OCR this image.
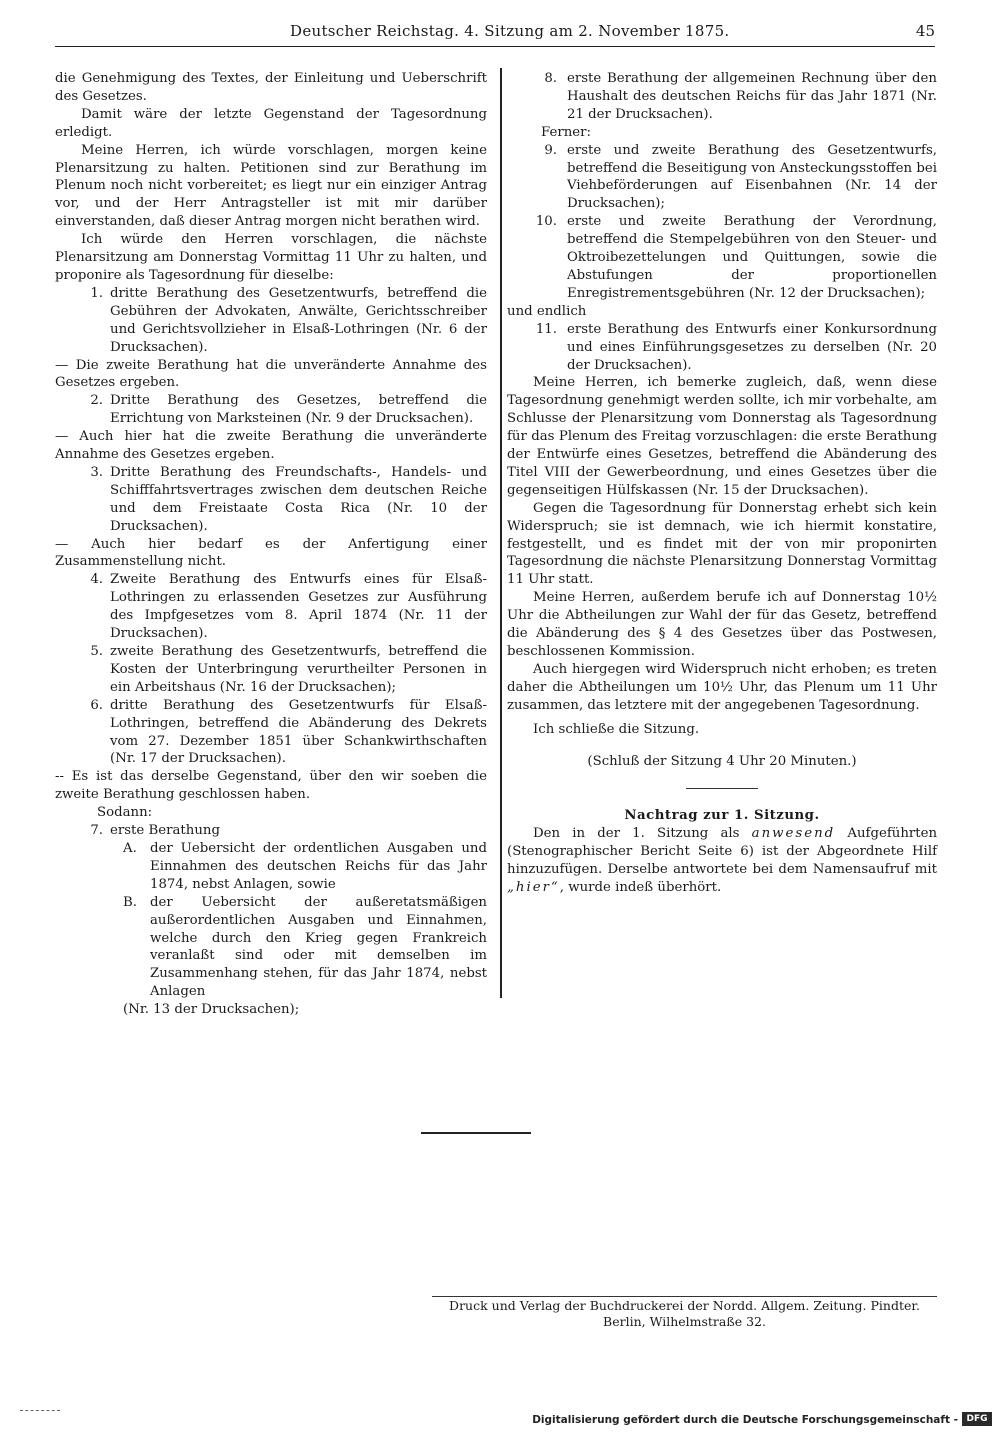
Deutscher Reichstag. 4. Sitzung am 2. November 1875.	45

die Genehmigung des Textes, der Einleitung und Ueberschrift des Gesetzes.

Damit wäre der letzte Gegenstand der Tagesordnung erledigt.

Meine Herren, ich würde vorschlagen, morgen keine Plenarsitzung zu halten. Petitionen sind zur Berathung im Plenum noch nicht vorbereitet; es liegt nur ein einziger Antrag vor, und der Herr Antragsteller ist mit mir darüber einverstanden, daß dieser Antrag morgen nicht berathen wird.

Ich würde den Herren vorschlagen, die nächste Plenarsitzung am Donnerstag Vormittag 11 Uhr zu halten, und proponire als Tagesordnung für dieselbe:

1. dritte Berathung des Gesetzentwurfs, betreffend die Gebühren der Advokaten, Anwälte, Gerichtsschreiber und Gerichtsvollzieher in Elsaß-Lothringen (Nr. 6 der Drucksachen).

— Die zweite Berathung hat die unveränderte Annahme des Gesetzes ergeben.

2. Dritte Berathung des Gesetzes, betreffend die Errichtung von Marksteinen (Nr. 9 der Drucksachen).

— Auch hier hat die zweite Berathung die unveränderte Annahme des Gesetzes ergeben.

3. Dritte Berathung des Freundschafts-, Handels- und Schifffahrtsvertrages zwischen dem deutschen Reiche und dem Freistaate Costa Rica (Nr. 10 der Drucksachen).

— Auch hier bedarf es der Anfertigung einer Zusammenstellung nicht.

4. Zweite Berathung des Entwurfs eines für Elsaß-Lothringen zu erlassenden Gesetzes zur Ausführung des Impfgesetzes vom 8. April 1874 (Nr. 11 der Drucksachen).
5. zweite Berathung des Gesetzentwurfs, betreffend die Kosten der Unterbringung verurtheilter Personen in ein Arbeitshaus (Nr. 16 der Drucksachen);
6. dritte Berathung des Gesetzentwurfs für Elsaß-Lothringen, betreffend die Abänderung des Dekrets vom 27. Dezember 1851 über Schankwirthschaften (Nr. 17 der Drucksachen).

-- Es ist das derselbe Gegenstand, über den wir soeben die zweite Berathung geschlossen haben.

Sodann:

7. erste Berathung
A. der Uebersicht der ordentlichen Ausgaben und Einnahmen des deutschen Reichs für das Jahr 1874, nebst Anlagen, sowie
B. der Uebersicht der außeretatsmäßigen außerordentlichen Ausgaben und Einnahmen, welche durch den Krieg gegen Frankreich veranlaßt sind oder mit demselben im Zusammenhang stehen, für das Jahr 1874, nebst Anlagen

(Nr. 13 der Drucksachen);

8. erste Berathung der allgemeinen Rechnung über den Haushalt des deutschen Reichs für das Jahr 1871 (Nr. 21 der Drucksachen).

Ferner:

9. erste und zweite Berathung des Gesetzentwurfs, betreffend die Beseitigung von Ansteckungsstoffen bei Viehbeförderungen auf Eisenbahnen (Nr. 14 der Drucksachen);
10. erste und zweite Berathung der Verordnung, betreffend die Stempelgebühren von den Steuer- und Oktroibezettelungen und Quittungen, sowie die Abstufungen der proportionellen Enregistrementsgebühren (Nr. 12 der Drucksachen);

und endlich

11. erste Berathung des Entwurfs einer Konkursordnung und eines Einführungsgesetzes zu derselben (Nr. 20 der Drucksachen).

Meine Herren, ich bemerke zugleich, daß, wenn diese Tagesordnung genehmigt werden sollte, ich mir vorbehalte, am Schlusse der Plenarsitzung vom Donnerstag als Tagesordnung für das Plenum des Freitag vorzuschlagen: die erste Berathung der Entwürfe eines Gesetzes, betreffend die Abänderung des Titel VIII der Gewerbeordnung, und eines Gesetzes über die gegenseitigen Hülfskassen (Nr. 15 der Drucksachen).

Gegen die Tagesordnung für Donnerstag erhebt sich kein Widerspruch; sie ist demnach, wie ich hiermit konstatire, festgestellt, und es findet mit der von mir proponirten Tagesordnung die nächste Plenarsitzung Donnerstag Vormittag 11 Uhr statt.

Meine Herren, außerdem berufe ich auf Donnerstag 10½ Uhr die Abtheilungen zur Wahl der für das Gesetz, betreffend die Abänderung des § 4 des Gesetzes über das Postwesen, beschlossenen Kommission.

Auch hiergegen wird Widerspruch nicht erhoben; es treten daher die Abtheilungen um 10½ Uhr, das Plenum um 11 Uhr zusammen, das letztere mit der angegebenen Tagesordnung.

Ich schließe die Sitzung.

(Schluß der Sitzung 4 Uhr 20 Minuten.)

Nachtrag zur 1. Sitzung.

Den in der 1. Sitzung als anwesend Aufgeführten (Stenographischer Bericht Seite 6) ist der Abgeordnete Hilf hinzuzufügen. Derselbe antwortete bei dem Namensaufruf mit „hier“, wurde indeß überhört.

Druck und Verlag der Buchdruckerei der Nordd. Allgem. Zeitung. Pindter.
Berlin, Wilhelmstraße 32.
Digitalisierung gefördert durch die Deutsche Forschungsgemeinschaft - DFG
